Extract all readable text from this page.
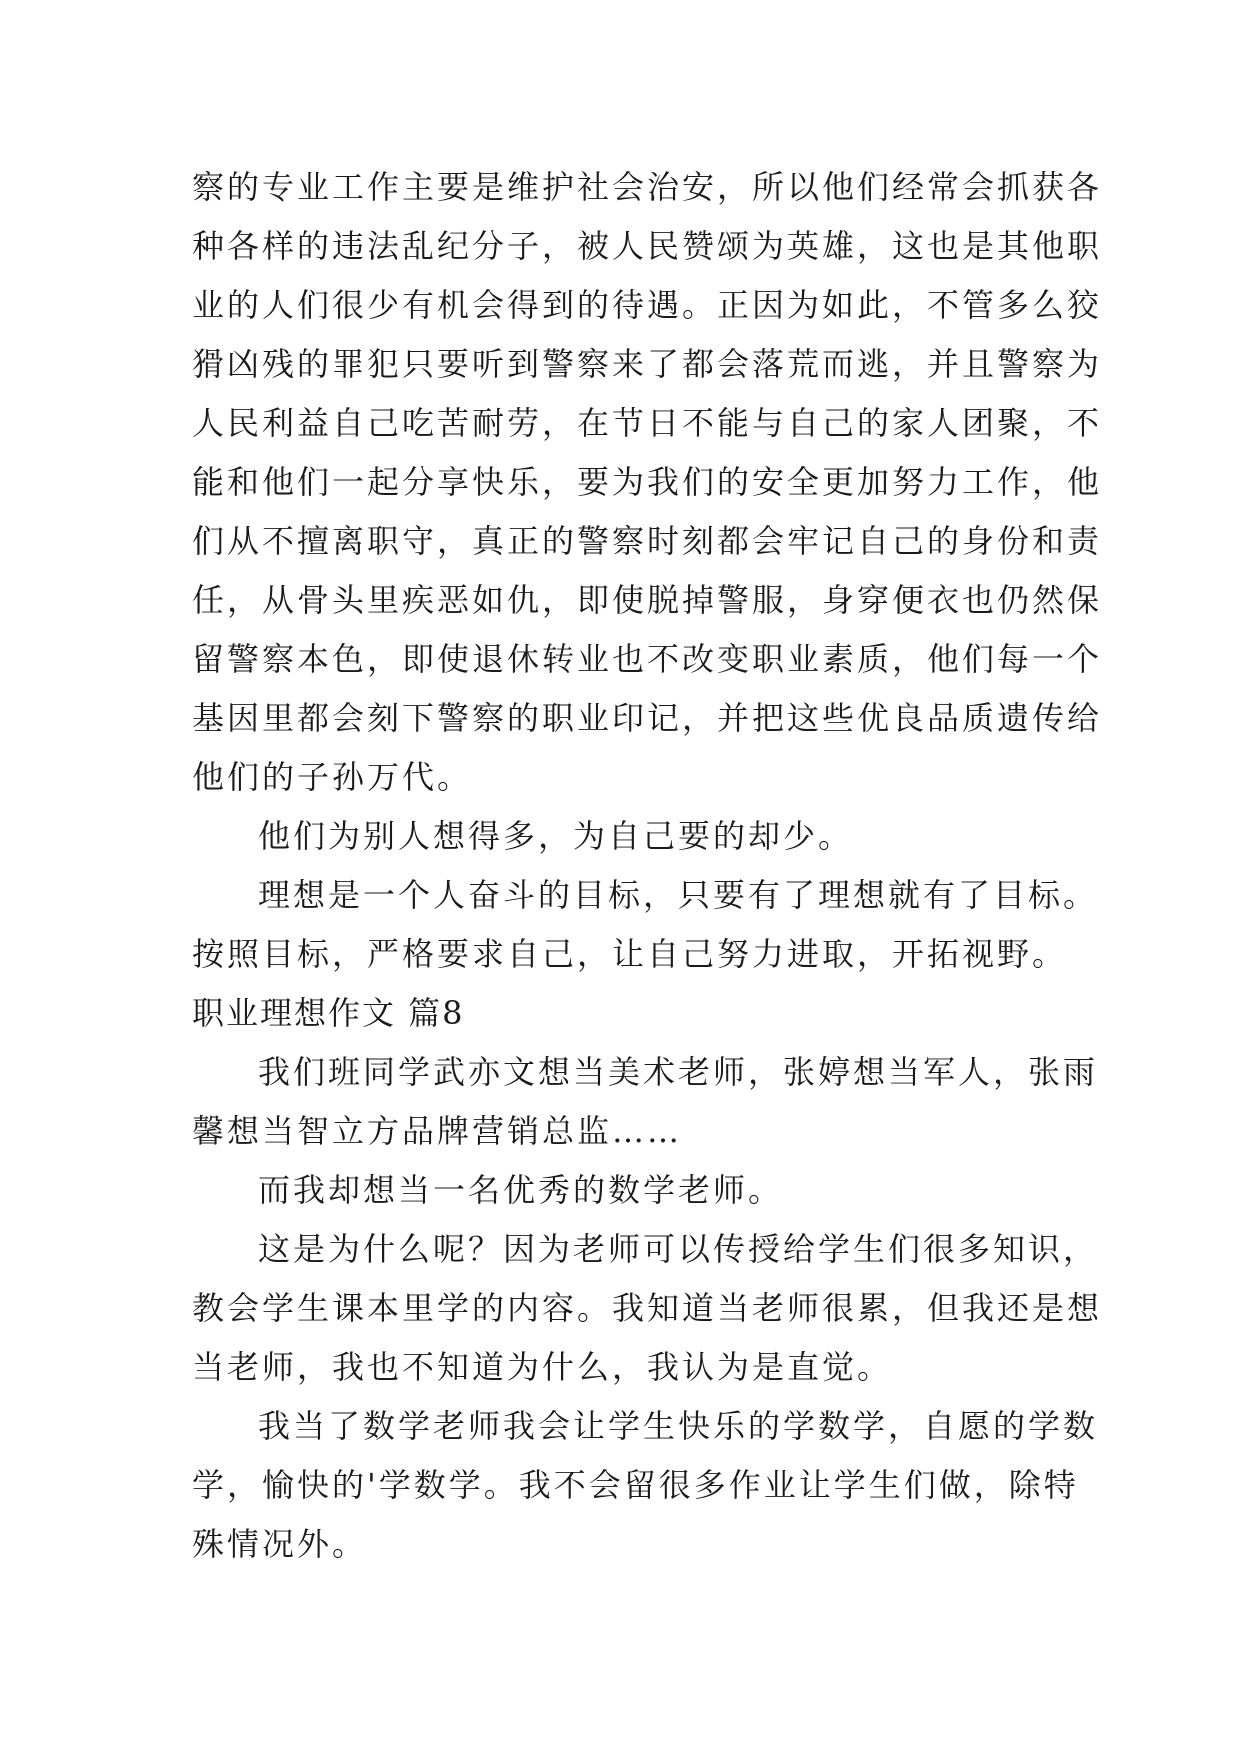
察的专业工作主要是维护社会治安，所以他们经常会抓获各
种各样的违法乱纪分子，被人民赞颂为英雄，这也是其他职
业的人们很少有机会得到的待遇。正因为如此，不管多么狡
猾凶残的罪犯只要听到警察来了都会落荒而逃，并且警察为
人民利益自己吃苦耐劳，在节日不能与自己的家人团聚，不
能和他们一起分享快乐，要为我们的安全更加努力工作，他
们从不擅离职守，真正的警察时刻都会牢记自己的身份和责
任，从骨头里疾恶如仇，即使脱掉警服，身穿便衣也仍然保
留警察本色，即使退休转业也不改变职业素质，他们每一个
基因里都会刻下警察的职业印记，并把这些优良品质遗传给
他们的子孙万代。
他们为别人想得多，为自己要的却少。
理想是一个人奋斗的目标，只要有了理想就有了目标。
按照目标，严格要求自己，让自己努力进取，开拓视野。
职业理想作文 篇8
我们班同学武亦文想当美术老师，张婷想当军人，张雨
馨想当智立方品牌营销总监……
而我却想当一名优秀的数学老师。
这是为什么呢？因为老师可以传授给学生们很多知识，
教会学生课本里学的内容。我知道当老师很累，但我还是想
当老师，我也不知道为什么，我认为是直觉。
我当了数学老师我会让学生快乐的学数学，自愿的学数
学，愉快的'学数学。我不会留很多作业让学生们做，除特
殊情况外。
